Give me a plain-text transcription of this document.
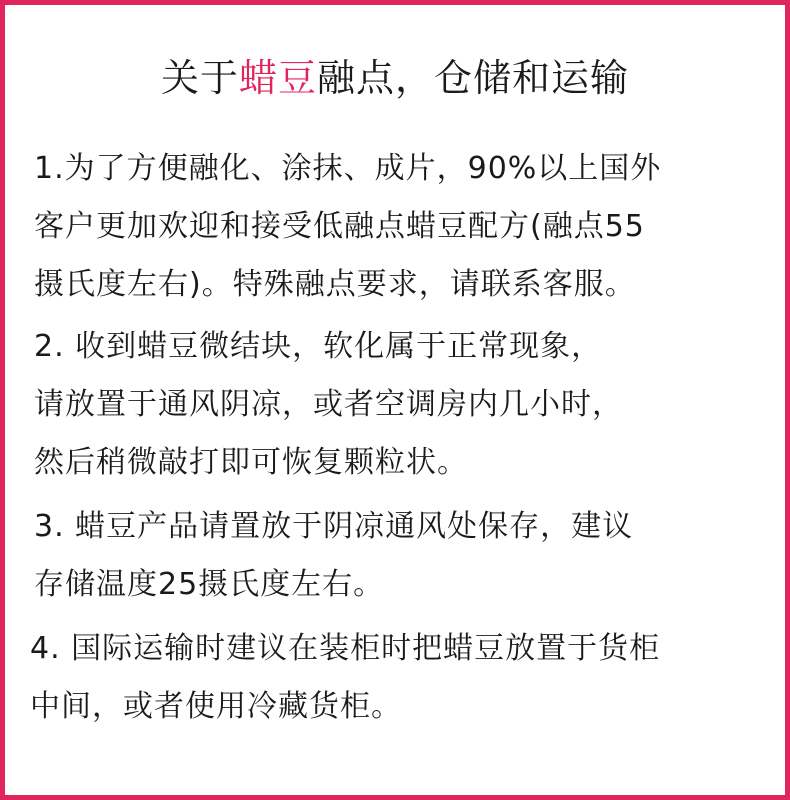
关于蜡豆融点，仓储和运输
1.为了方便融化、涂抹、成片，90%以上国外
客户更加欢迎和接受低融点蜡豆配方(融点55
摄氏度左右)。特殊融点要求，请联系客服。
2. 收到蜡豆微结块，软化属于正常现象，
请放置于通风阴凉，或者空调房内几小时，
然后稍微敲打即可恢复颗粒状。
3. 蜡豆产品请置放于阴凉通风处保存，建议
存储温度25摄氏度左右。
4. 国际运输时建议在装柜时把蜡豆放置于货柜
中间，或者使用冷藏货柜。
